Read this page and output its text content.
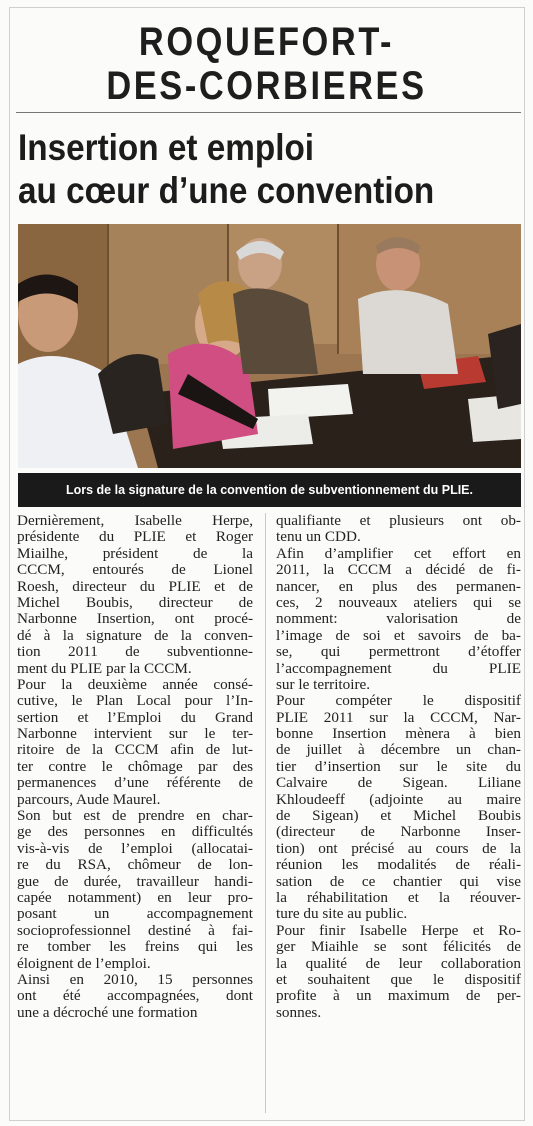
ROQUEFORT-
DES-CORBIERES
Insertion et emploi
au cœur d’une convention
Lors de la signature de la convention de subventionnement du PLIE.
Dernièrement, Isabelle Herpe,
présidente du PLIE et Roger
Miailhe, président de la
CCCM, entourés de Lionel
Roesh, directeur du PLIE et de
Michel Boubis, directeur de
Narbonne Insertion, ont procé-
dé à la signature de la conven-
tion 2011 de subventionne-
ment du PLIE par la CCCM.
Pour la deuxième année consé-
cutive, le Plan Local pour l’In-
sertion et l’Emploi du Grand
Narbonne intervient sur le ter-
ritoire de la CCCM afin de lut-
ter contre le chômage par des
permanences d’une référente de
parcours, Aude Maurel.
Son but est de prendre en char-
ge des personnes en difficultés
vis-à-vis de l’emploi (allocatai-
re du RSA, chômeur de lon-
gue de durée, travailleur handi-
capée notamment) en leur pro-
posant un accompagnement
socioprofessionnel destiné à fai-
re tomber les freins qui les
éloignent de l’emploi.
Ainsi en 2010, 15 personnes
ont été accompagnées, dont
une a décroché une formation
qualifiante et plusieurs ont ob-
tenu un CDD.
Afin d’amplifier cet effort en
2011, la CCCM a décidé de fi-
nancer, en plus des permanen-
ces, 2 nouveaux ateliers qui se
nomment: valorisation de
l’image de soi et savoirs de ba-
se, qui permettront d’étoffer
l’accompagnement du PLIE
sur le territoire.
Pour compéter le dispositif
PLIE 2011 sur la CCCM, Nar-
bonne Insertion mènera à bien
de juillet à décembre un chan-
tier d’insertion sur le site du
Calvaire de Sigean. Liliane
Khloudeeff (adjointe au maire
de Sigean) et Michel Boubis
(directeur de Narbonne Inser-
tion) ont précisé au cours de la
réunion les modalités de réali-
sation de ce chantier qui vise
la réhabilitation et la réouver-
ture du site au public.
Pour finir Isabelle Herpe et Ro-
ger Miaihle se sont félicités de
la qualité de leur collaboration
et souhaitent que le dispositif
profite à un maximum de per-
sonnes.
